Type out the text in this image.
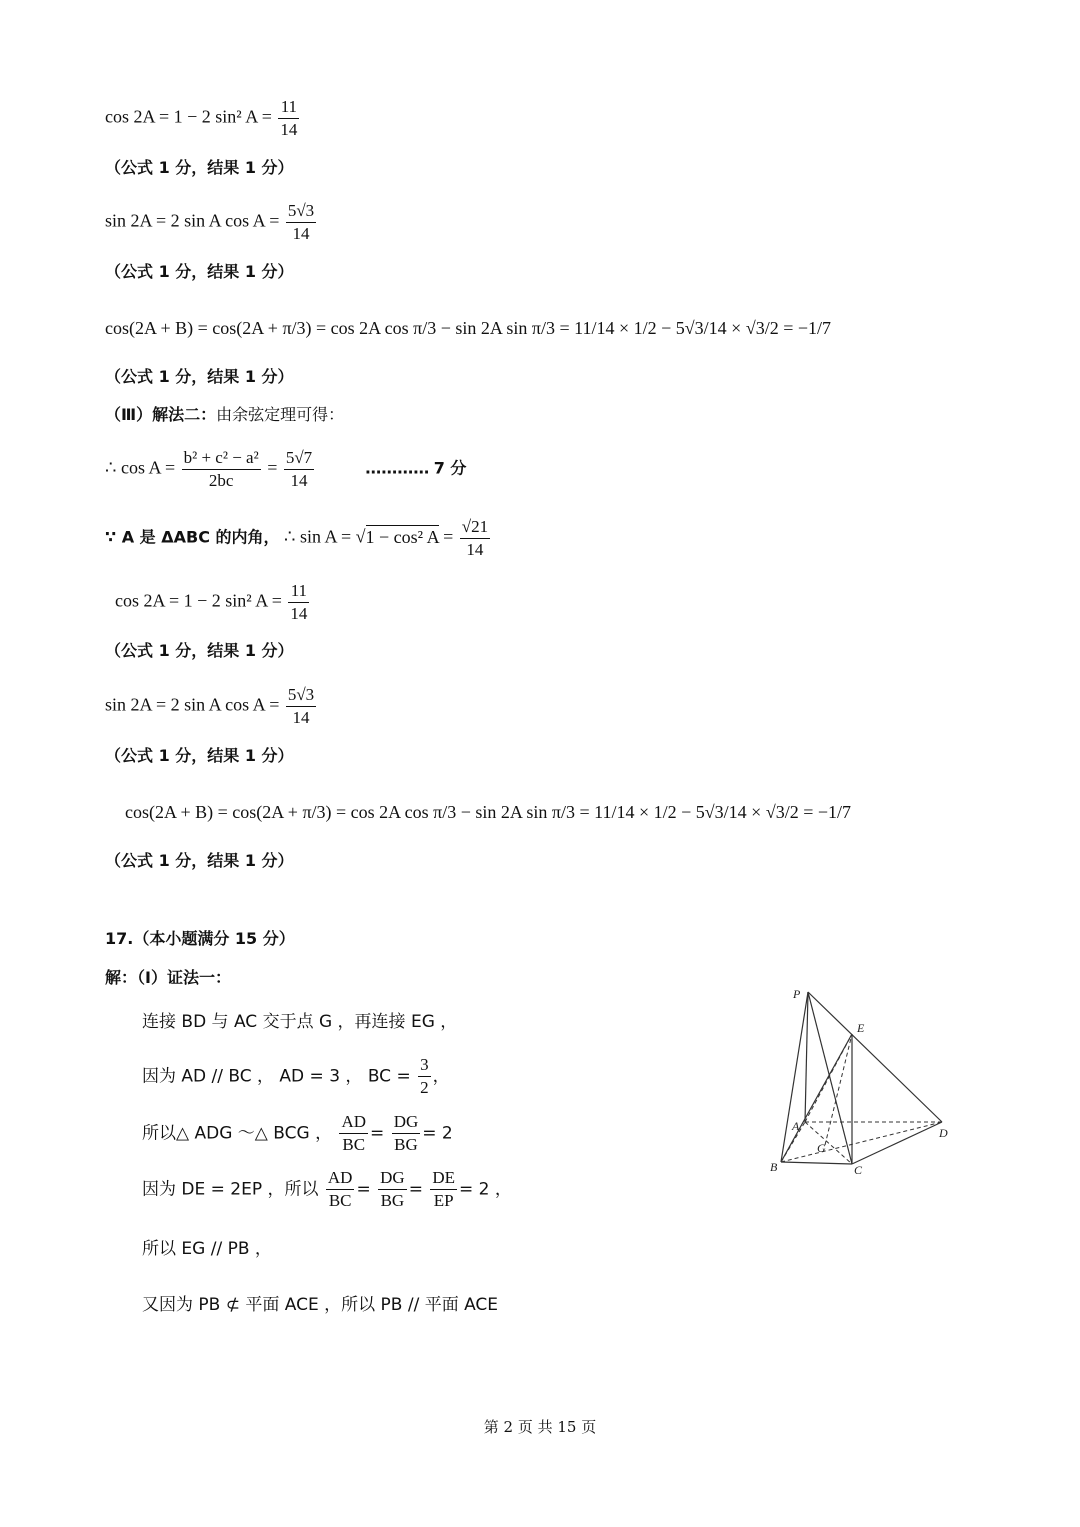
cos 2A = 1 − 2 sin² $A = \frac{11}{14}$
（公式 1 分，结果 1 分）
sin 2A = 2 sin A $\cos A = \frac{5√3}{14}$
（公式 1 分，结果 1 分）
cos(2A + B) = cos(2A + π/3) = cos 2A cos π/3 − sin 2A sin π/3 = 11/14 × 1/2 − 5√3/14 × √3/2 = −1/7
（公式 1 分，结果 1 分）
（Ⅲ）解法二：由余弦定理可得：
∴ $\cos A = \frac{\text{b² + c² − a²}}{2bc} = \frac{5√7}{14}$	………… 7 分
∵ A 是 ΔABC 的内角， ∴ sin A = √1 − cos² $A = \frac{√21}{14}$
cos 2A = 1 − 2 sin² $A = \frac{11}{14}$
（公式 1 分，结果 1 分）
sin 2A = 2 sin A $\cos A = \frac{5√3}{14}$
（公式 1 分，结果 1 分）
cos(2A + B) = cos(2A + π/3) = cos 2A cos π/3 − sin 2A sin π/3 = 11/14 × 1/2 − 5√3/14 × √3/2 = −1/7
（公式 1 分，结果 1 分）
17.（本小题满分 15 分）
解：（Ⅰ）证法一：
连接 BD 与 AC 交于点 G ，再连接 EG ，
因为 AD // BC ， AD = 3 ， BC = $\frac{3}{2}$ ，
所以△ ADG ～△ BCG ， $\frac{AD}{BC} = \frac{DG}{BG} = 2$
因为 DE = 2EP ，所以 $\frac{AD}{BC} = \frac{DG}{BG} = \frac{DE}{EP} = 2$ ，
所以 EG // PB ，
又因为 PB ⊄ 平面 ACE ，所以 PB // 平面 ACE
P
E
A	D
G
B	C
第 2 页 共 15 页
